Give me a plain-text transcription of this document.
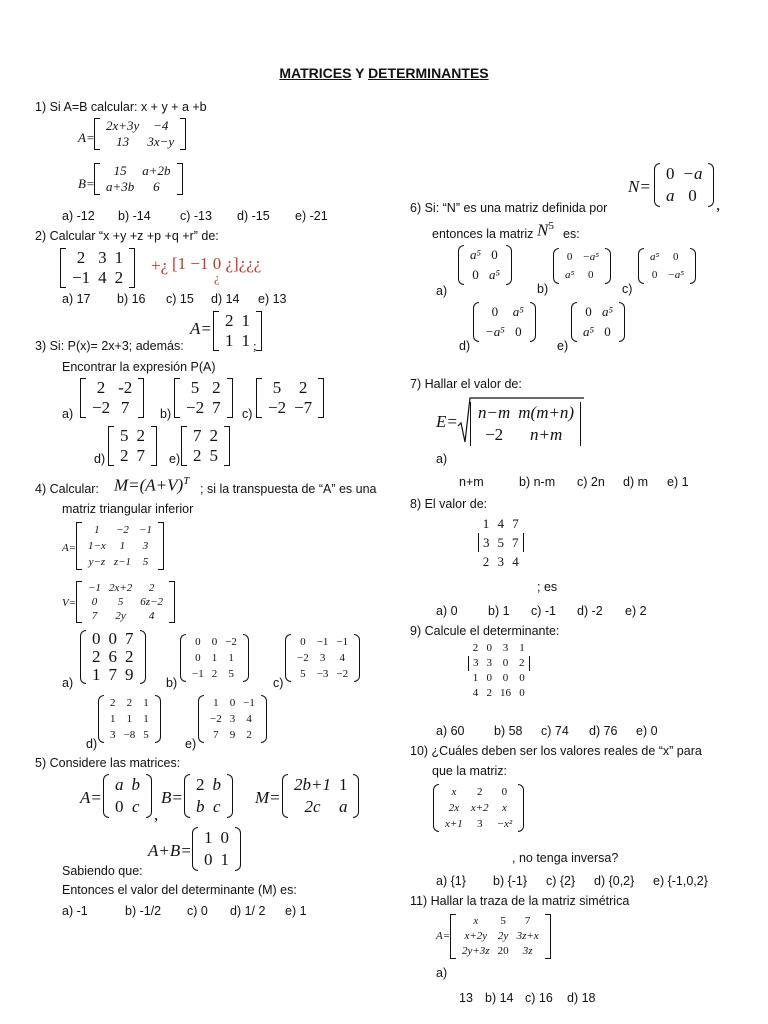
MATRICES Y DETERMINANTES
1) Si A=B calcular: x + y + a +b
A=
2x+3y	−4
13	3x−y
B=
15	a+2b
a+3b	6
a) -12 b) -14 c) -13 d) -15 e) -21
2) Calcular “x +y +z +p +q +r” de:
2	3	1
−1	4	2
+¿ [1 −1 0 ¿]¿¿¿
¿
a) 17 b) 16 c) 15 d) 14 e) 13
A= 2	1
1	1 ;
3) Si: P(x)= 2x+3; además:
Encontrar la expresión P(A)
a)
2	-2
−2	7 b)
5	2
−2	7 c)
5	2
−2	−7
d)
5	2
2	7 e)
7	2
2	5
4) Calcular: $M=(A+V)^T$
; si la transpuesta de “A” es una
matriz triangular inferior
A=
1	−2	−1
1−x	1	3
y−z	z−1	5
V=
−1	2x+2	2
0	5	6z−2
7	2y	4
a)
0	0	7
2	6	2
1	7	9	b)
0	0	−2
0	1	1
−1	2	5
c)
0	−1	−1
−2	3	4
5	−3	−2
d)
2	2	1
1	1	1
3	−8	5
e)
1	0	−1
−2	3	4
7	9	2
5) Considere las matrices:
A=
a	b
0	c ,
B=
2	b
b	c M=
2b+1	1
2c	a
A+B=
1	0
0	1
Sabiendo que:
Entonces el valor del determinante (M) es:
a) -1	b) -1/2 c) 0 d) 1/ 2 e) 1
N=
0	−a
a	0 ,
6) Si: “N” es una matriz definida por
entonces la matriz $N^5$
es:
a)
a⁵	0
0	a⁵
b)
0	−a⁵
a⁵	0
c)
a⁵	0
0	−a⁵
d)
0	a⁵
−a⁵	0
e)
0	a⁵
a⁵	0
7) Hallar el valor de:
E= n−m	m(m+n)
−2	n+m
a)
n+m	b) n-m c) 2n d) m e) 1
8) El valor de:
1	4	7
3	5	7
2	3	4
; es
a) 0 b) 1 c) -1 d) -2 e) 2
9) Calcule el determinante:
2	0	3	1
3	3	0	2
1	0	0	0
4	2	16	0
a) 60 b) 58 c) 74 d) 76 e) 0
10) ¿Cuáles deben ser los valores reales de “x” para
que la matriz:
x	2	0
2x	x+2	x
x+1	3	−x²
, no tenga inversa?
a) {1} b) {-1} c) {2} d) {0,2} e) {-1,0,2}
11) Hallar la traza de la matriz simétrica
A=
x	5	7
x+2y	2y	3z+x
2y+3z	20	3z
a)
13 b) 14 c) 16 d) 18
